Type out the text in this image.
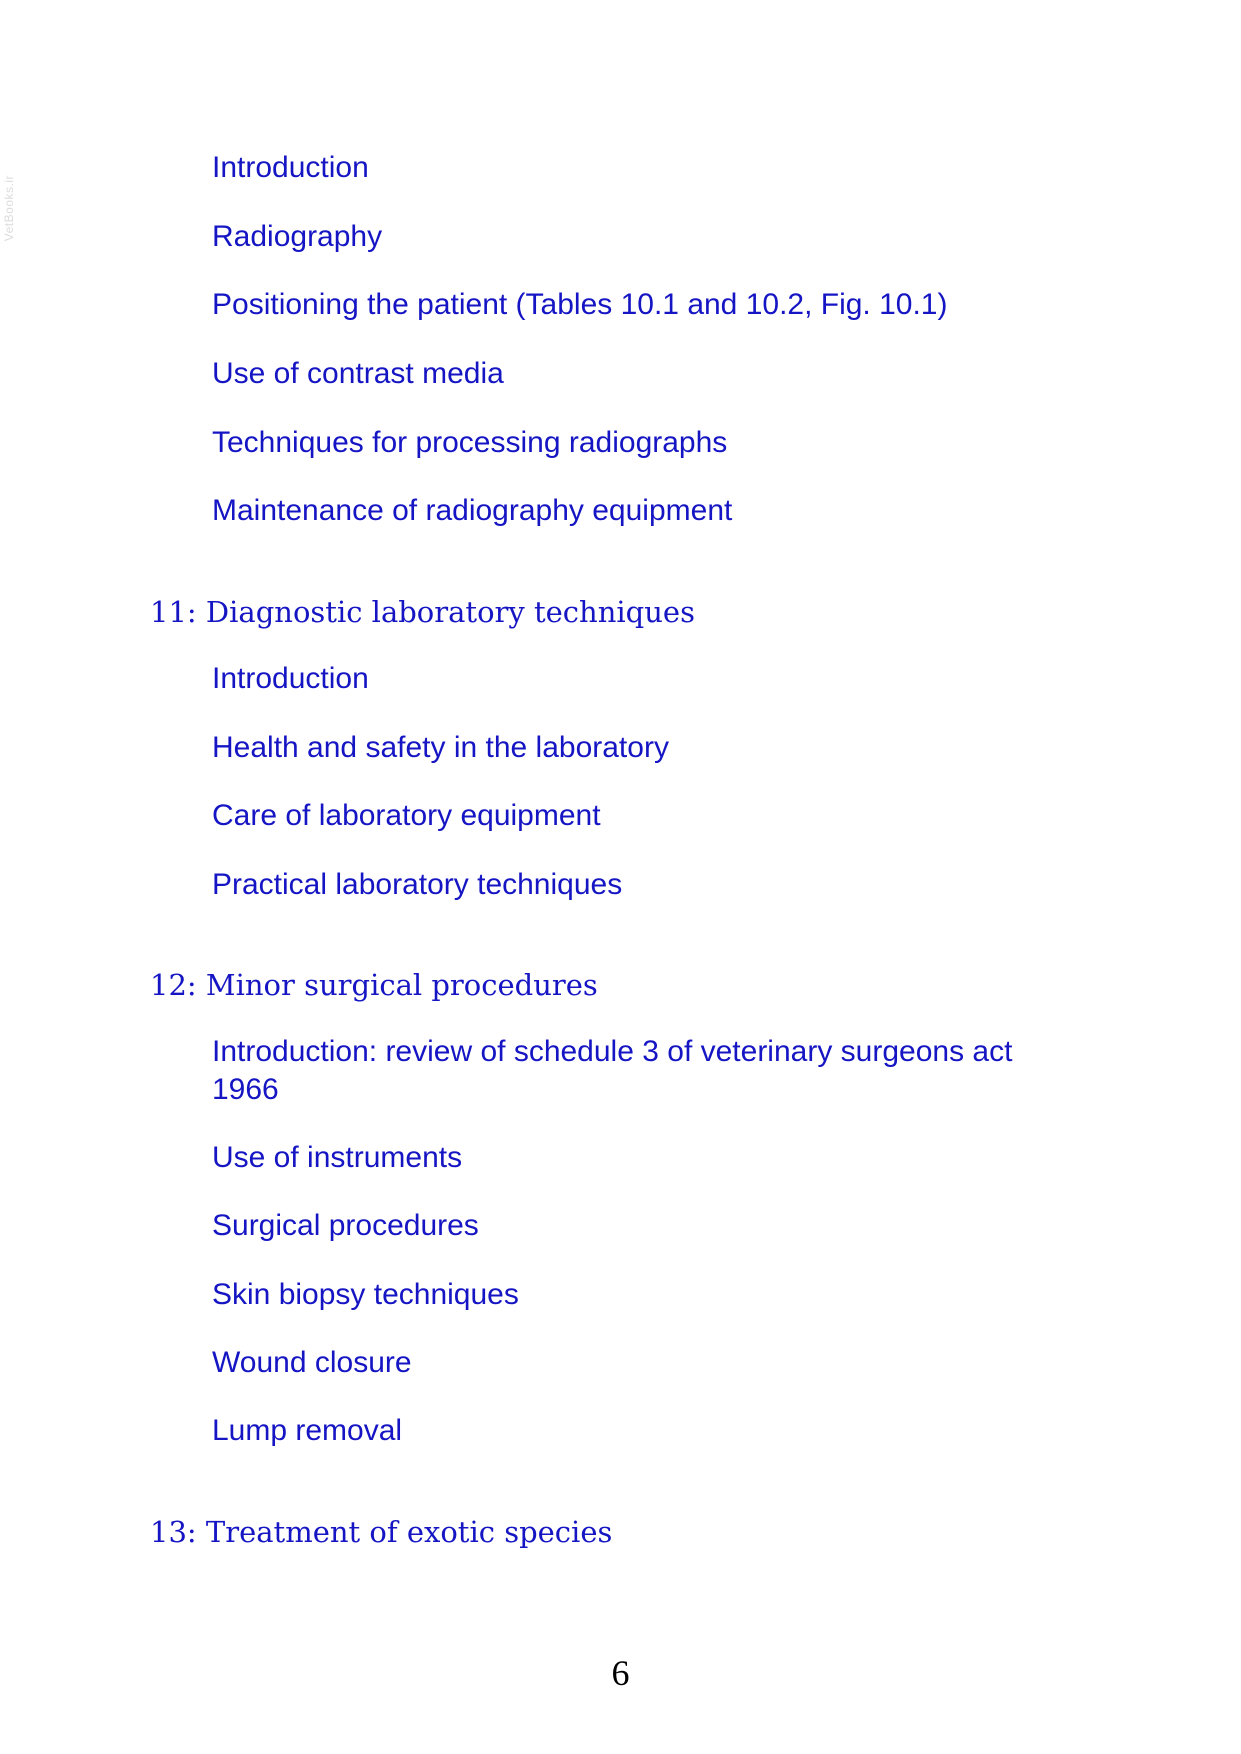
VetBooks.ir
Introduction
Radiography
Positioning the patient (Tables 10.1 and 10.2, Fig. 10.1)
Use of contrast media
Techniques for processing radiographs
Maintenance of radiography equipment
11: Diagnostic laboratory techniques
Introduction
Health and safety in the laboratory
Care of laboratory equipment
Practical laboratory techniques
12: Minor surgical procedures
Introduction: review of schedule 3 of veterinary surgeons act 1966
Use of instruments
Surgical procedures
Skin biopsy techniques
Wound closure
Lump removal
13: Treatment of exotic species
6
